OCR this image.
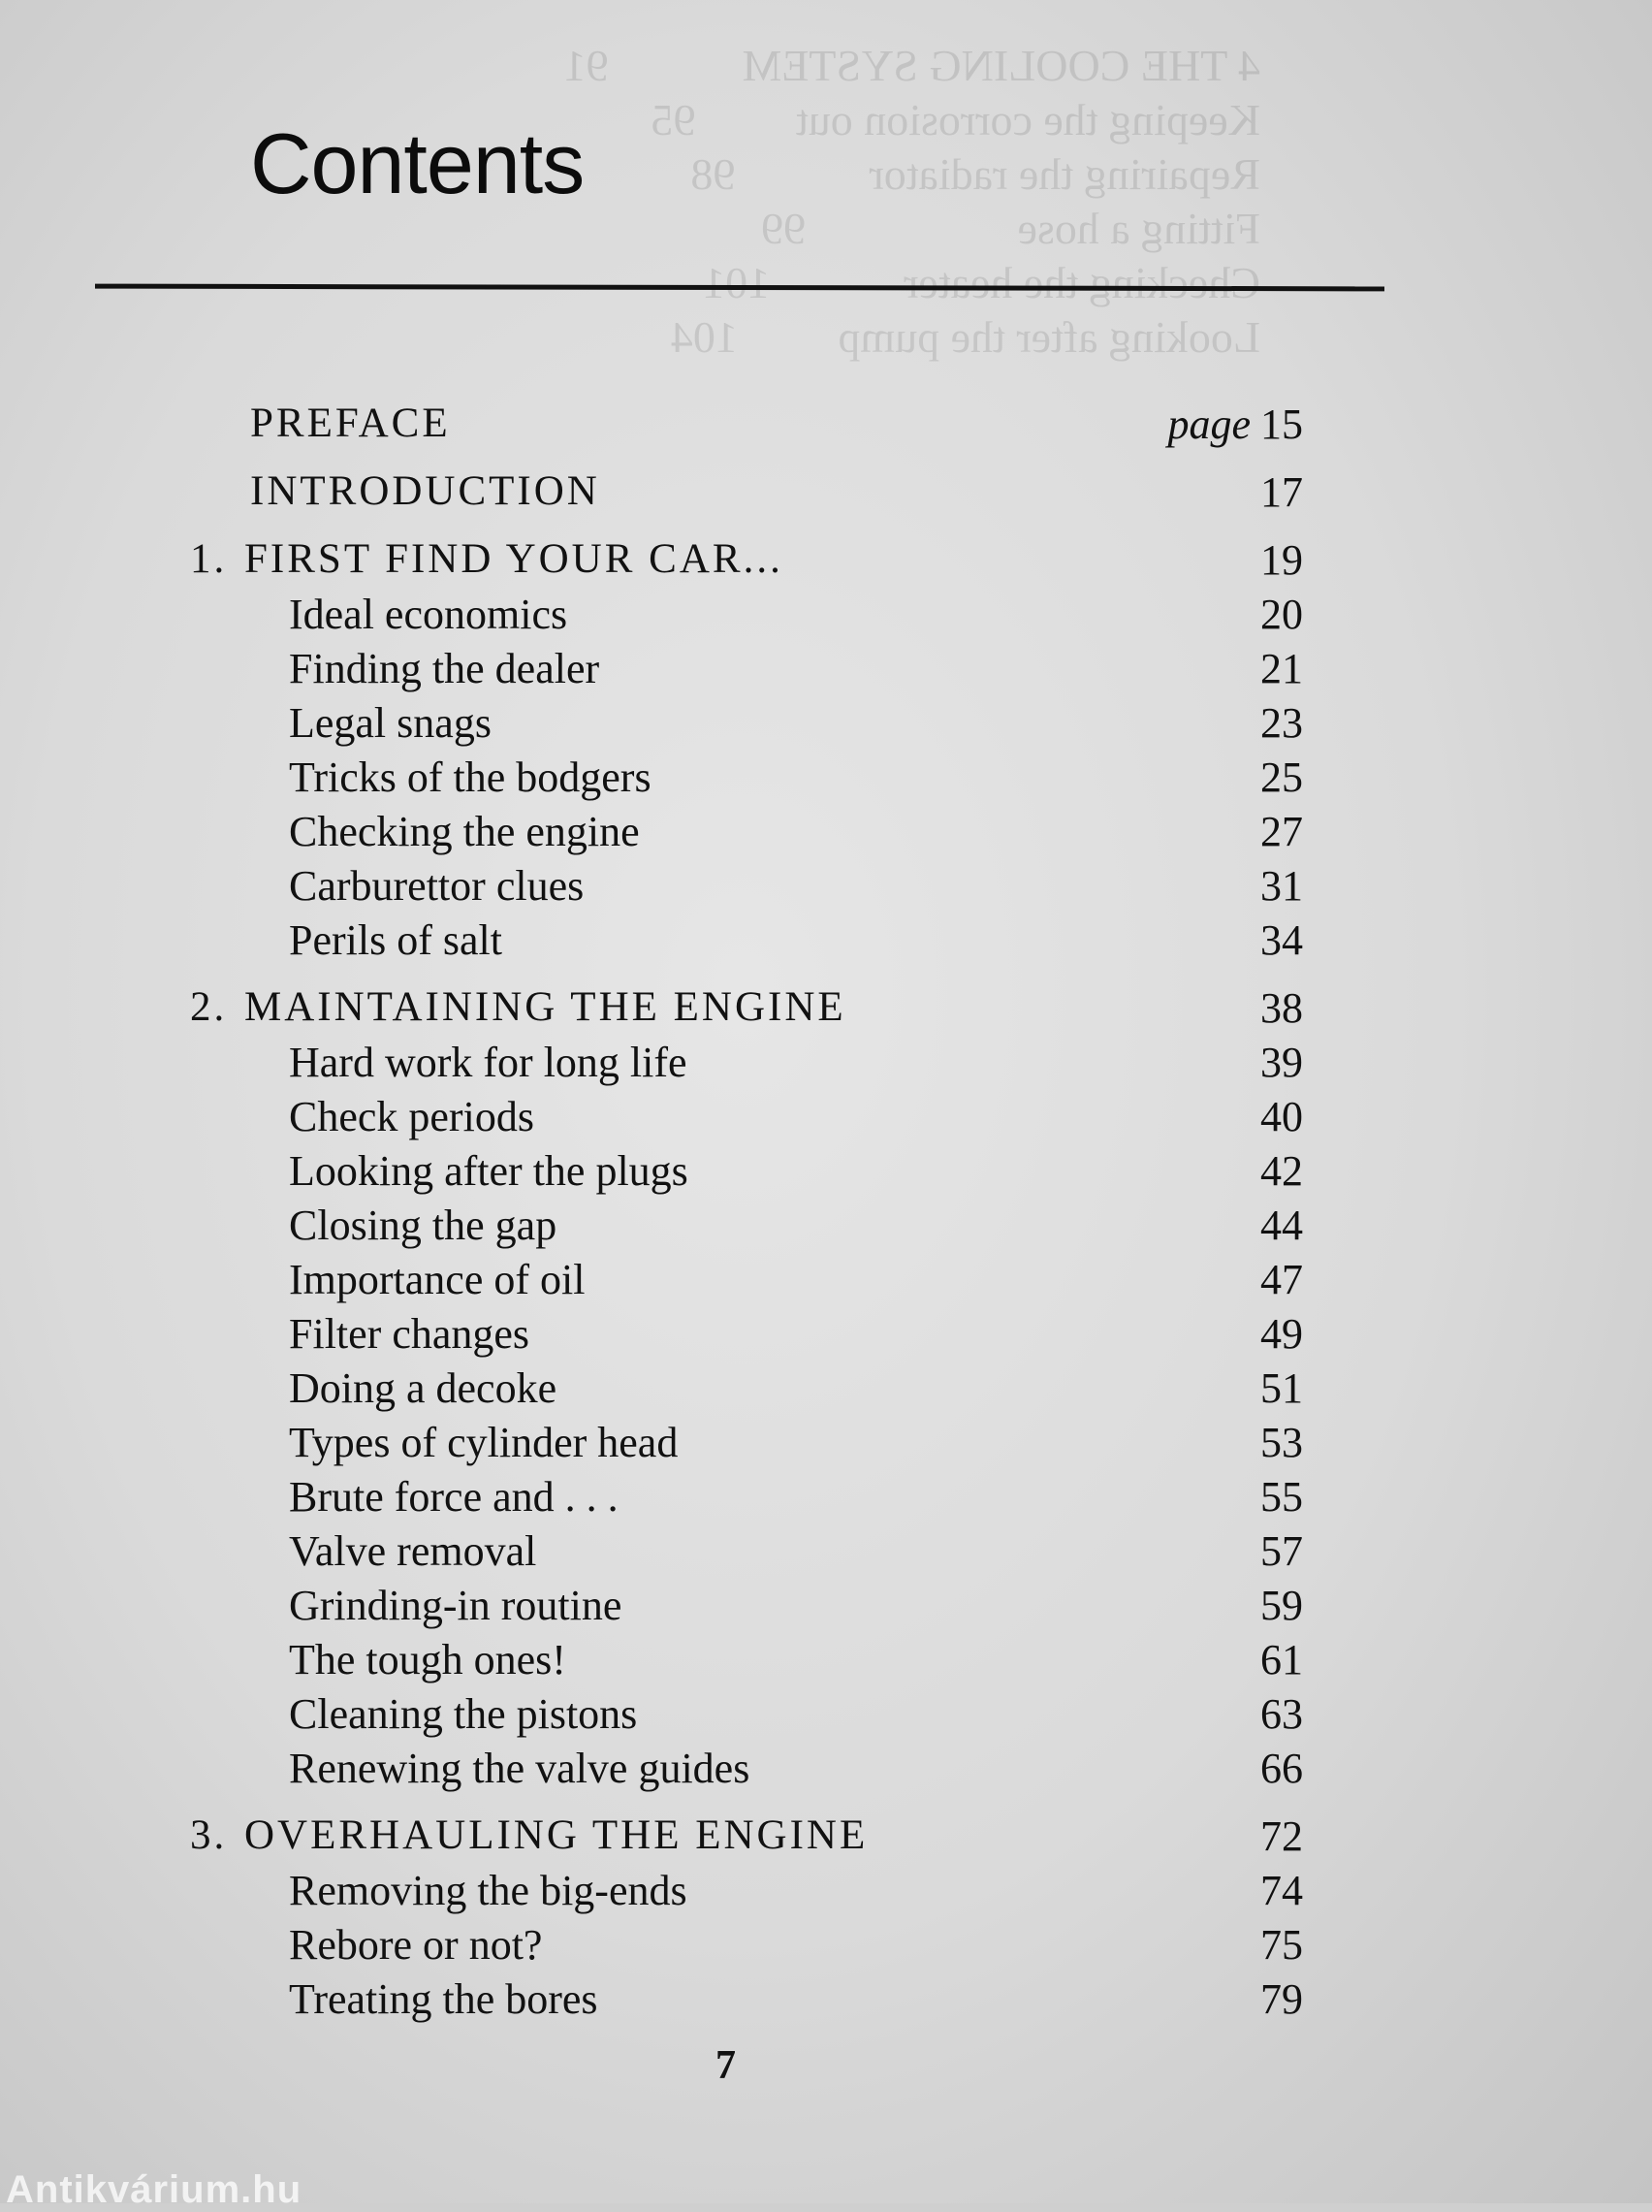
4 THE COOLING SYSTEM            91
Keeping the corrosion out         95
Repairing the radiator            98
Fitting a hose                   99
Checking the heater            101
Looking after the pump         104
Contents
PREFACE	page 15
INTRODUCTION	17
1. FIRST FIND YOUR CAR...	19
Ideal economics	20
Finding the dealer	21
Legal snags	23
Tricks of the bodgers	25
Checking the engine	27
Carburettor clues	31
Perils of salt	34
2. MAINTAINING THE ENGINE	38
Hard work for long life	39
Check periods	40
Looking after the plugs	42
Closing the gap	44
Importance of oil	47
Filter changes	49
Doing a decoke	51
Types of cylinder head	53
Brute force and . . .	55
Valve removal	57
Grinding-in routine	59
The tough ones!	61
Cleaning the pistons	63
Renewing the valve guides	66
3. OVERHAULING THE ENGINE	72
Removing the big-ends	74
Rebore or not?	75
Treating the bores	79
7
Antikvárium.hu
